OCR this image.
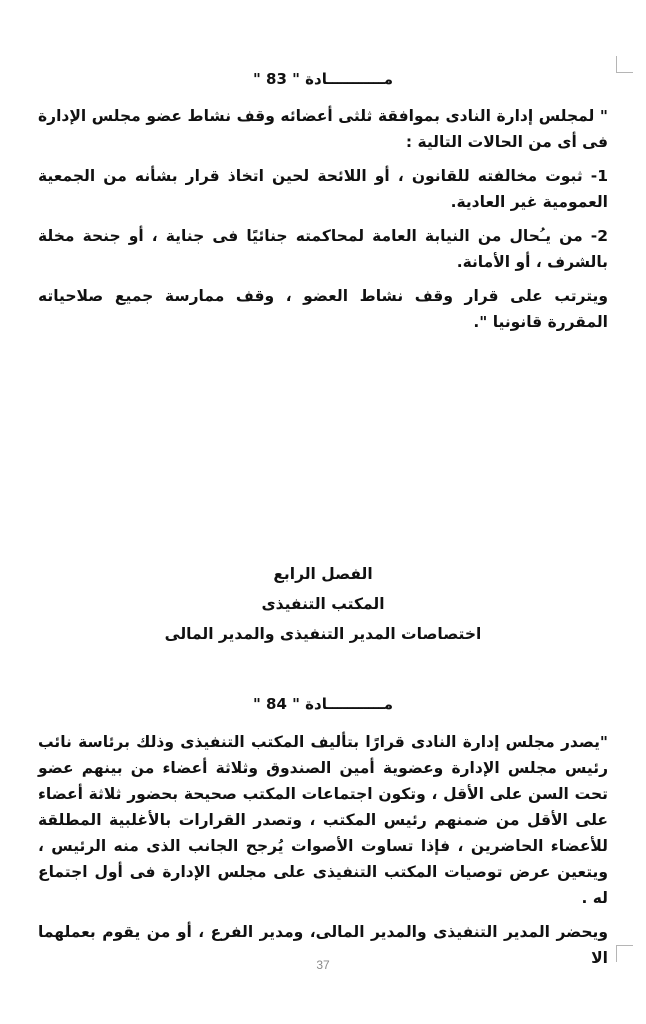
مـــــــــــادة " 83 "

" لمجلس إدارة النادى بموافقة ثلثى أعضائه وقف نشاط عضو مجلس الإدارة فى أى من الحالات التالية :

1- ثبوت مخالفته للقانون ، أو اللائحة لحين اتخاذ قرار بشأنه من الجمعية العمومية غير العادية.

2- من يـُحال من النيابة العامة لمحاكمته جنائيًا فى جناية ، أو جنحة مخلة بالشرف ، أو الأمانة.

ويترتب على قرار وقف نشاط العضو ، وقف ممارسة جميع صلاحياته المقررة قانونيا ".

الفصل الرابع
المكتب التنفيذى
اختصاصات المدير التنفيذى والمدير المالى
مـــــــــــادة " 84 "

"يصدر مجلس إدارة النادى قرارًا بتأليف المكتب التنفيذى وذلك برئاسة نائب رئيس مجلس الإدارة وعضوية أمين الصندوق وثلاثة أعضاء من بينهم عضو تحت السن على الأقل ، وتكون اجتماعات المكتب صحيحة بحضور ثلاثة أعضاء على الأقل من ضمنهم رئيس المكتب ، وتصدر القرارات بالأغلبية المطلقة للأعضاء الحاضرين ، فإذا تساوت الأصوات يُرجح الجانب الذى منه الرئيس ، ويتعين عرض توصيات المكتب التنفيذى على مجلس الإدارة فى أول اجتماع له .

ويحضر المدير التنفيذى والمدير المالى، ومدير الفرع ، أو من يقوم بعملهما الا

37
